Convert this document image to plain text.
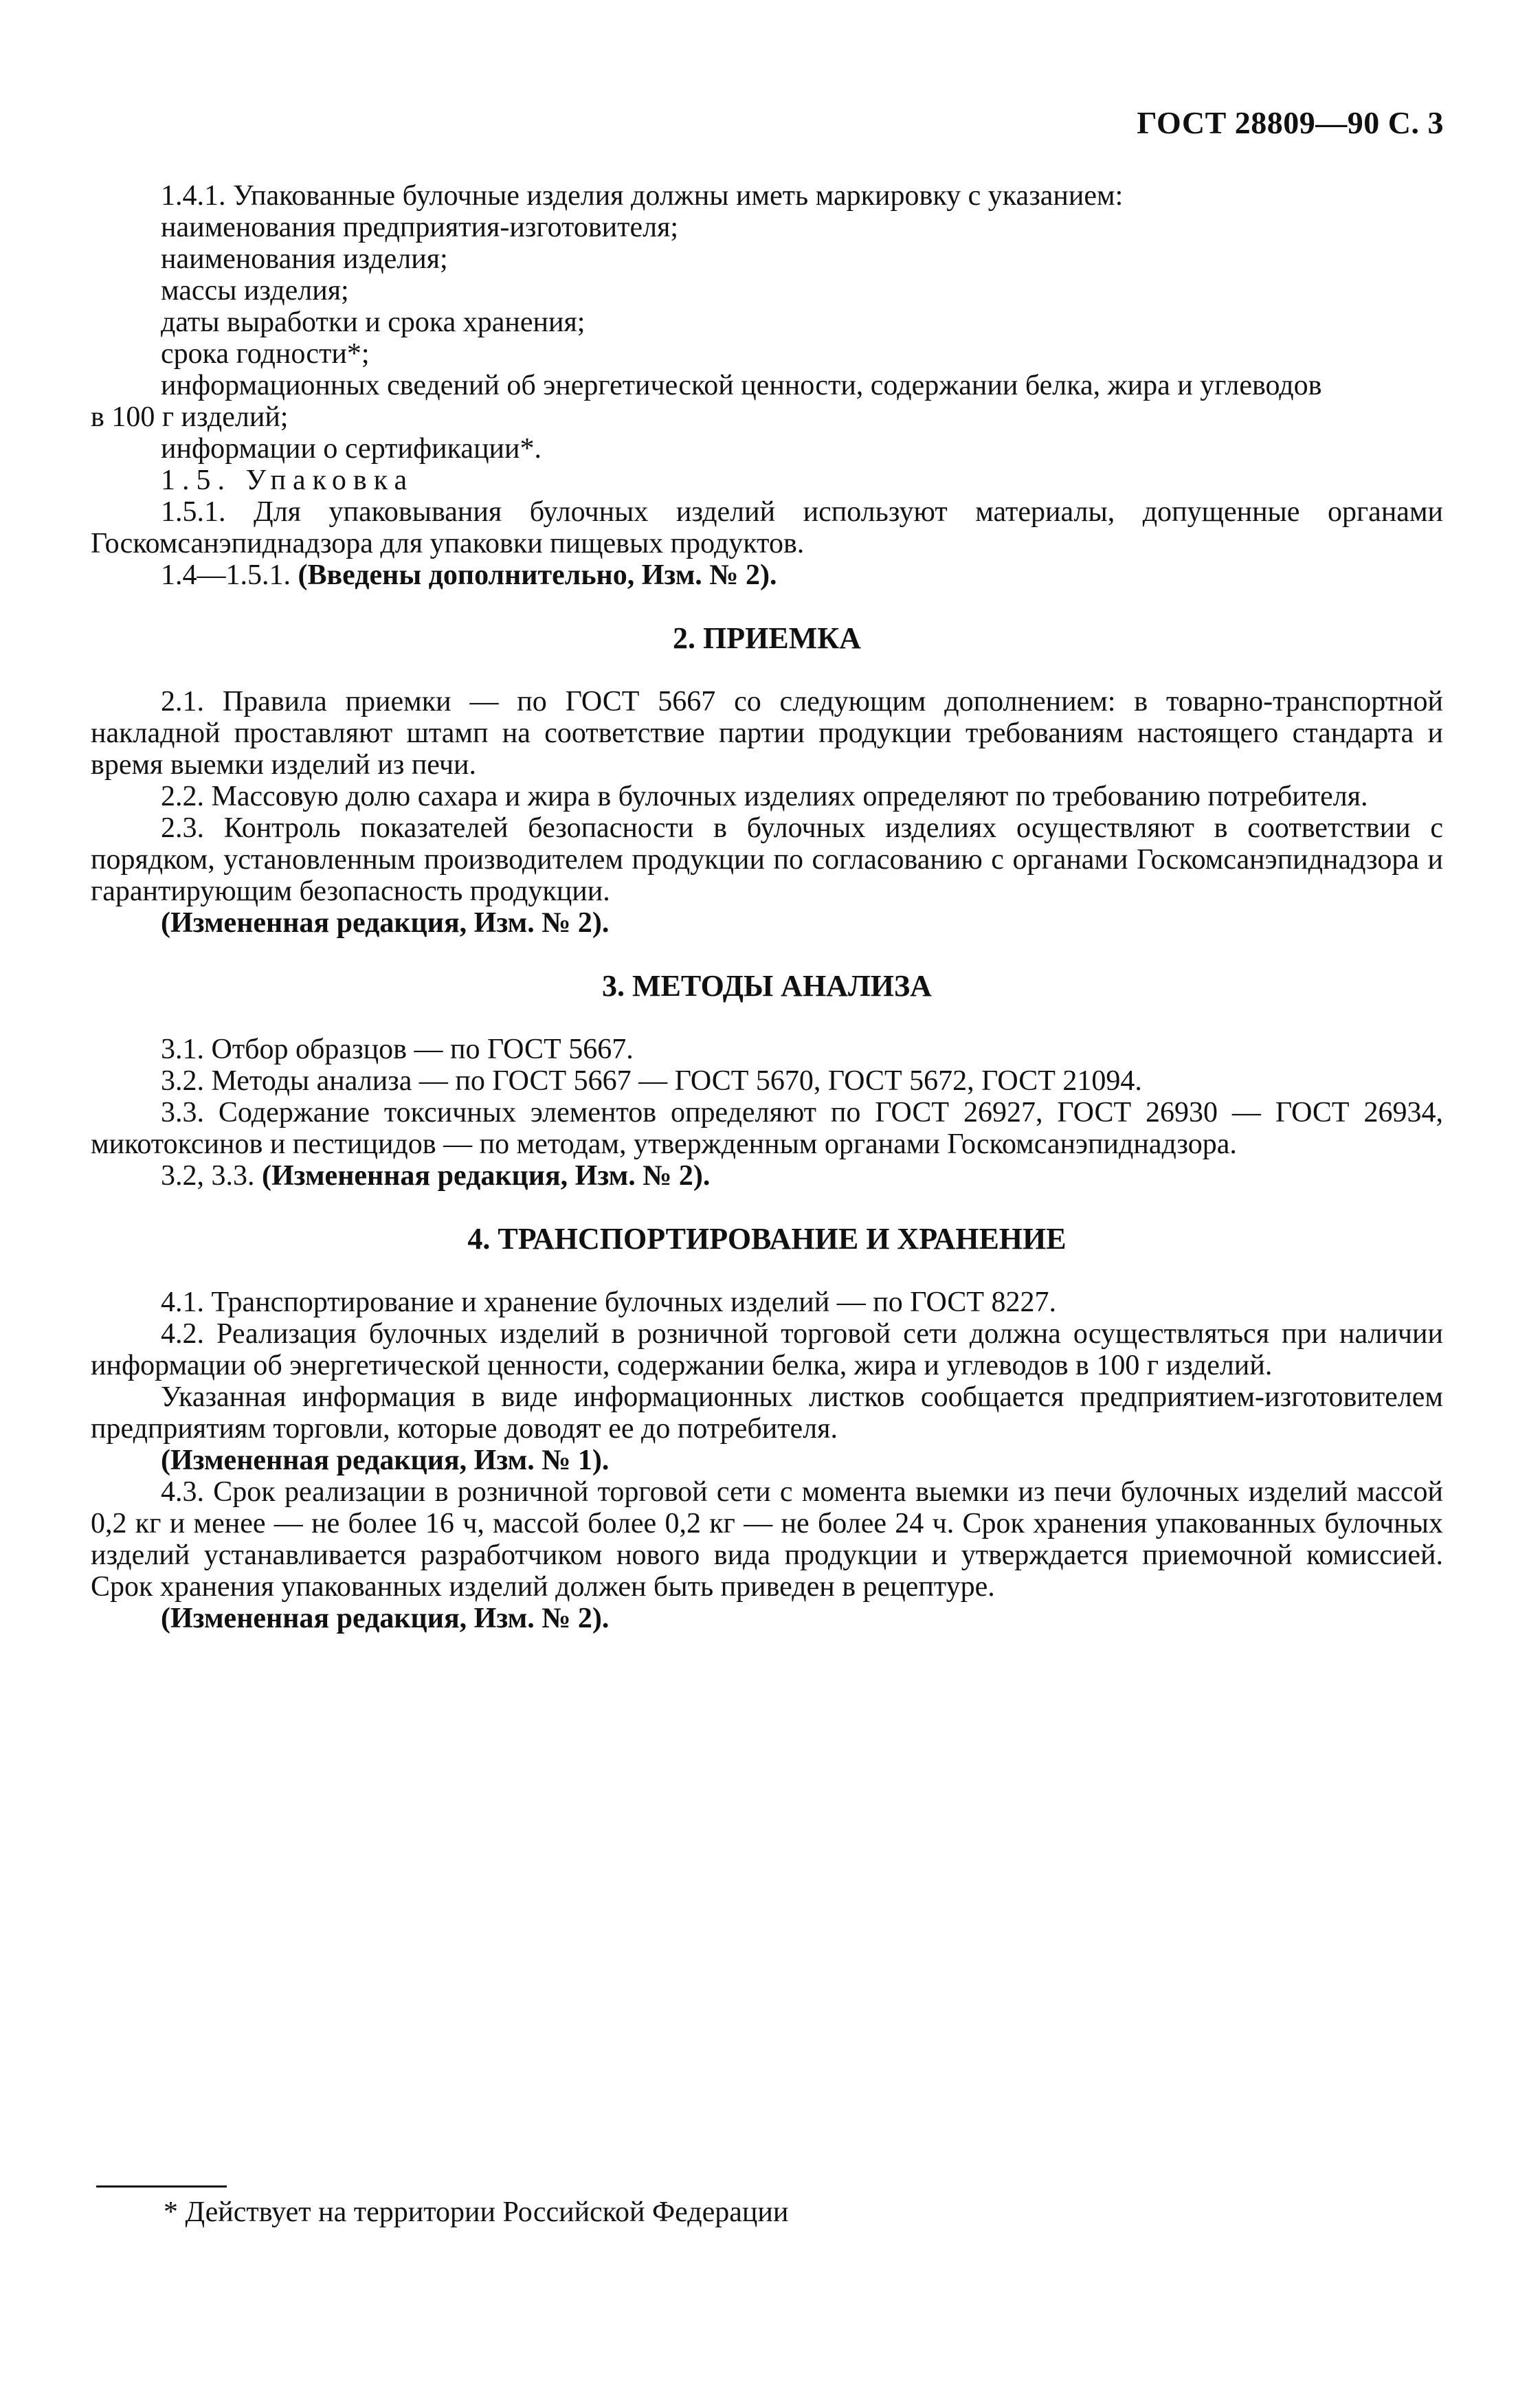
ГОСТ 28809—90 С. 3
1.4.1. Упакованные булочные изделия должны иметь маркировку с указанием:
наименования предприятия-изготовителя;
наименования изделия;
массы изделия;
даты выработки и срока хранения;
срока годности*;
информационных сведений об энергетической ценности, содержании белка, жира и углеводов
в 100 г изделий;
информации о сертификации*.
1.5. Упаковка
1.5.1. Для упаковывания булочных изделий используют материалы, допущенные органами Госкомсанэпиднадзора для упаковки пищевых продуктов.
1.4—1.5.1. (Введены дополнительно, Изм. № 2).
2. ПРИЕМКА
2.1. Правила приемки — по ГОСТ 5667 со следующим дополнением: в товарно-транспортной накладной проставляют штамп на соответствие партии продукции требованиям настоящего стандарта и время выемки изделий из печи.
2.2. Массовую долю сахара и жира в булочных изделиях определяют по требованию потребителя.
2.3. Контроль показателей безопасности в булочных изделиях осуществляют в соответствии с порядком, установленным производителем продукции по согласованию с органами Госкомсанэпиднадзора и гарантирующим безопасность продукции.
(Измененная редакция, Изм. № 2).
3. МЕТОДЫ АНАЛИЗА
3.1. Отбор образцов — по ГОСТ 5667.
3.2. Методы анализа — по ГОСТ 5667 — ГОСТ 5670, ГОСТ 5672, ГОСТ 21094.
3.3. Содержание токсичных элементов определяют по ГОСТ 26927, ГОСТ 26930 — ГОСТ 26934, микотоксинов и пестицидов — по методам, утвержденным органами Госкомсанэпиднадзора.
3.2, 3.3. (Измененная редакция, Изм. № 2).
4. ТРАНСПОРТИРОВАНИЕ И ХРАНЕНИЕ
4.1. Транспортирование и хранение булочных изделий — по ГОСТ 8227.
4.2. Реализация булочных изделий в розничной торговой сети должна осуществляться при наличии информации об энергетической ценности, содержании белка, жира и углеводов в 100 г изделий.
Указанная информация в виде информационных листков сообщается предприятием-изготовителем предприятиям торговли, которые доводят ее до потребителя.
(Измененная редакция, Изм. № 1).
4.3. Срок реализации в розничной торговой сети с момента выемки из печи булочных изделий массой 0,2 кг и менее — не более 16 ч, массой более 0,2 кг — не более 24 ч. Срок хранения упакованных булочных изделий устанавливается разработчиком нового вида продукции и утверждается приемочной комиссией. Срок хранения упакованных изделий должен быть приведен в рецептуре.
(Измененная редакция, Изм. № 2).
* Действует на территории Российской Федерации
